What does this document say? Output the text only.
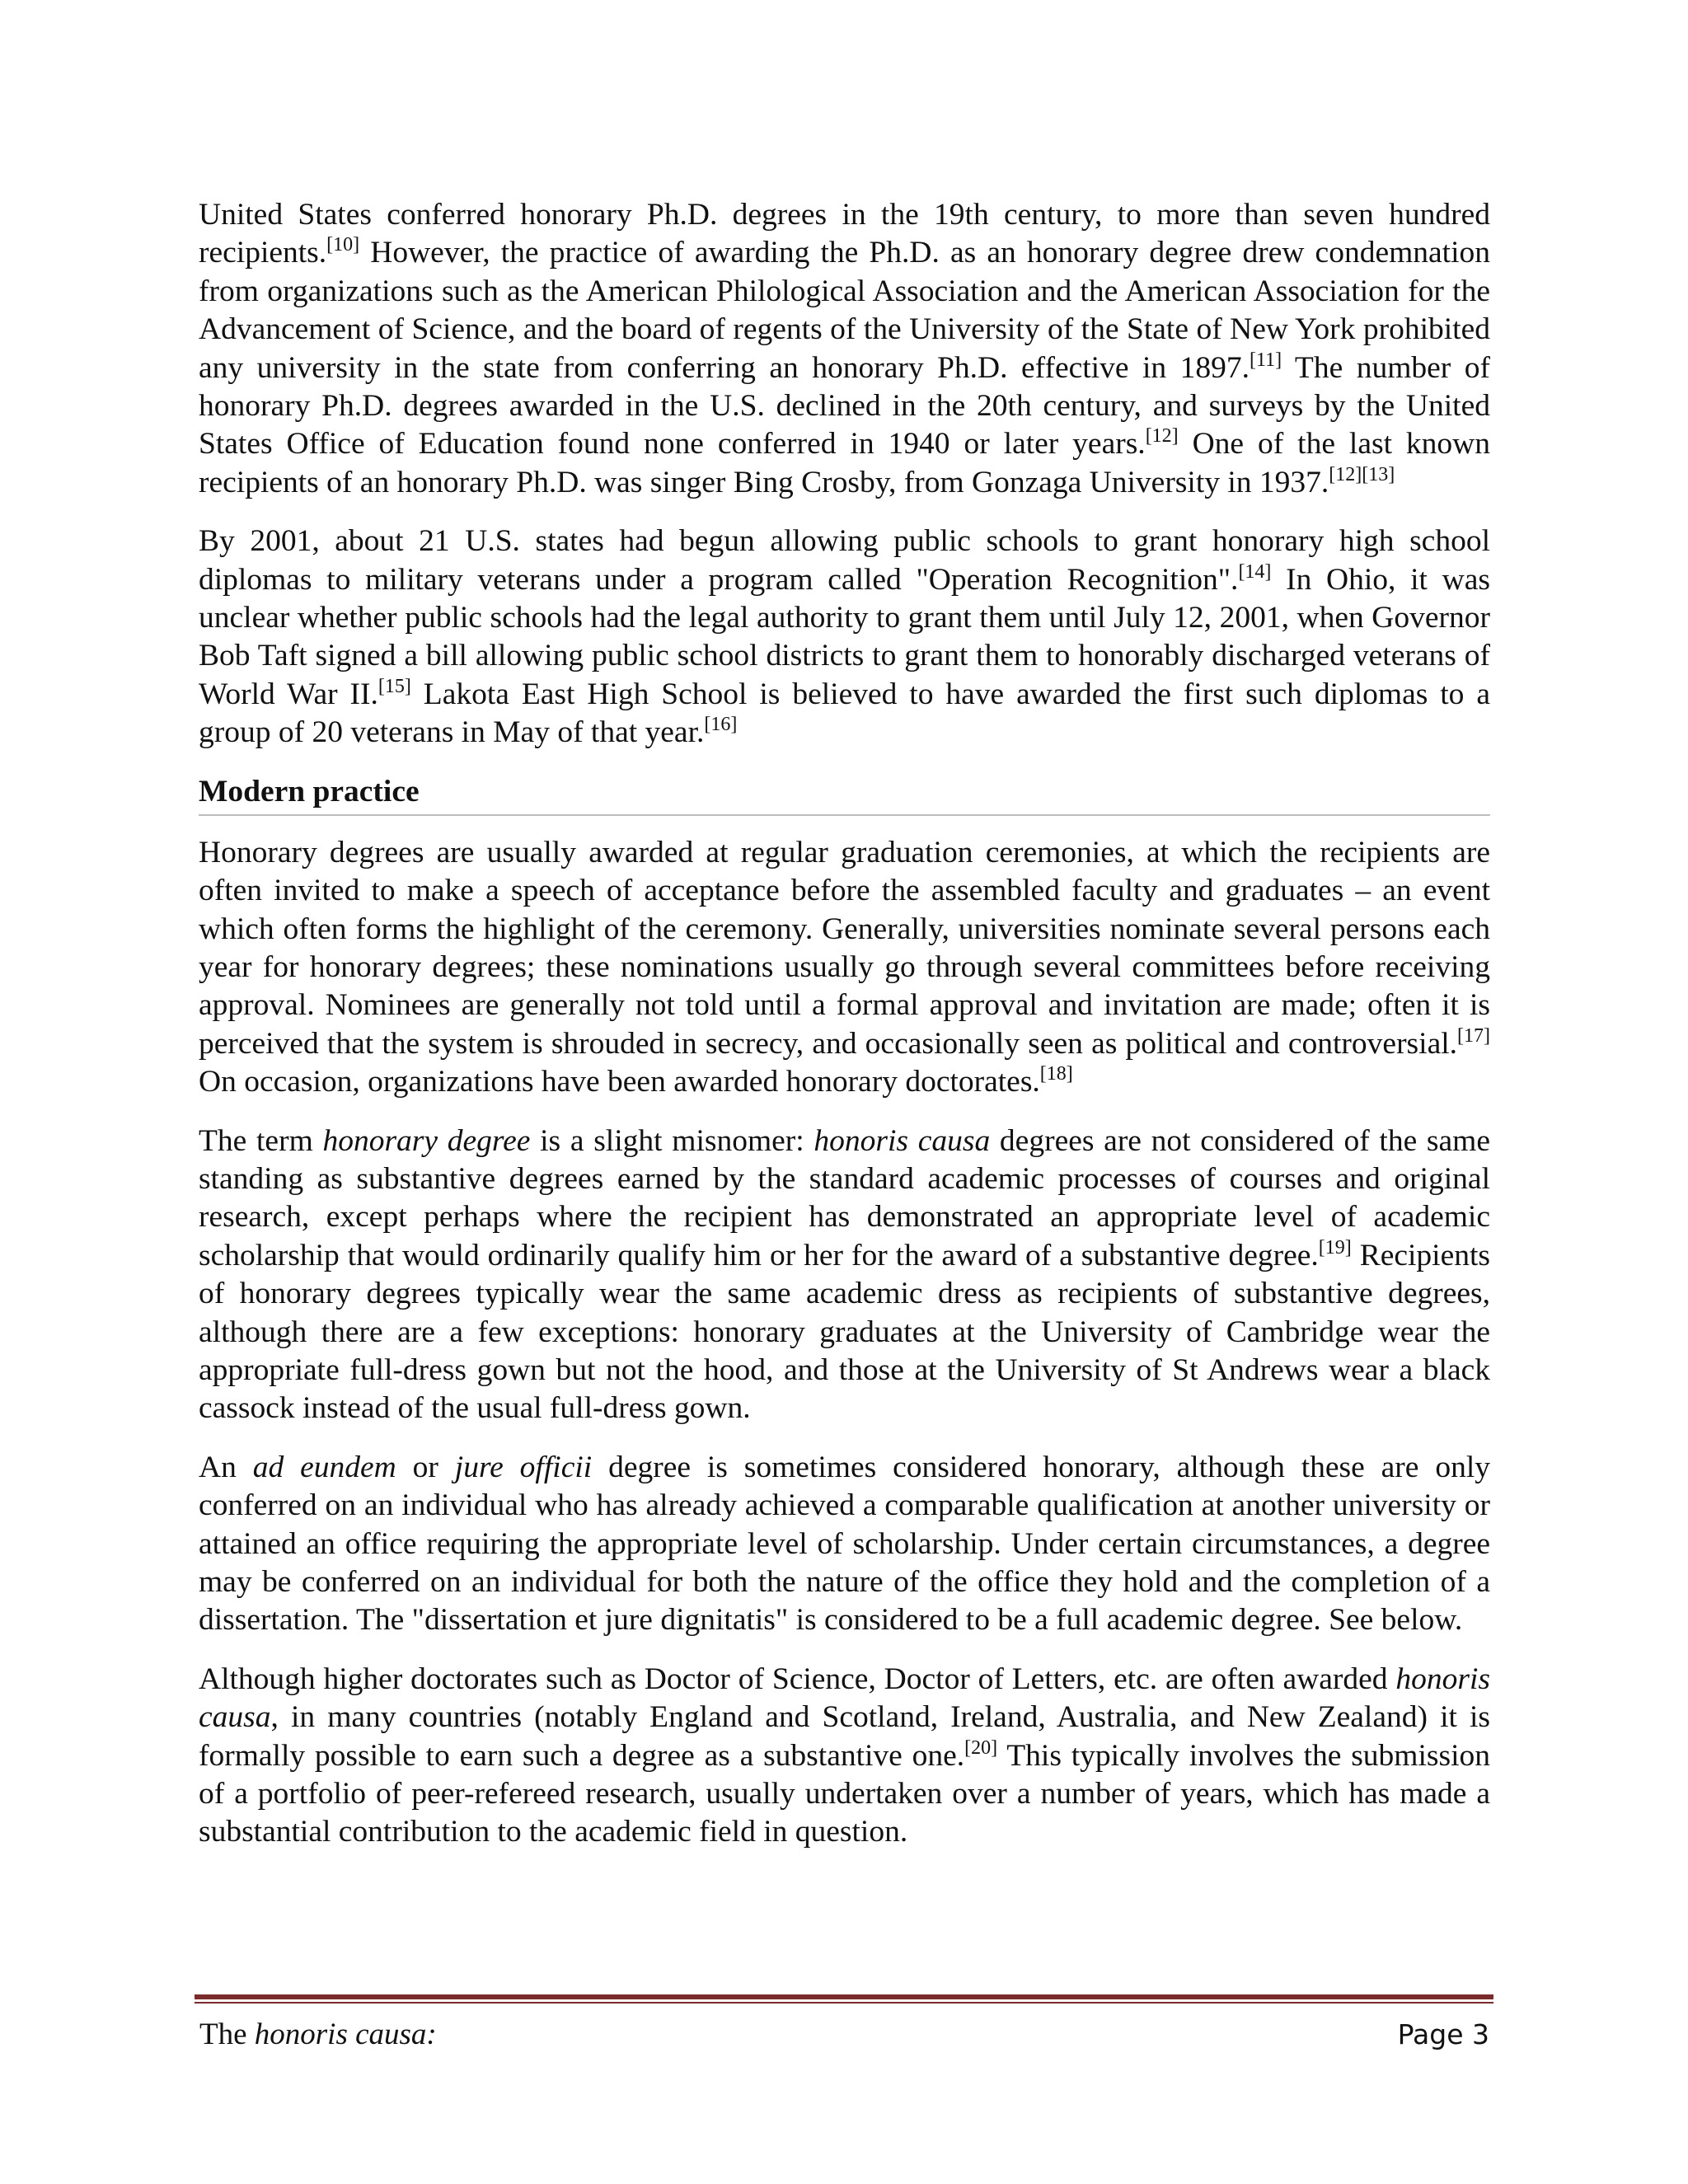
United States conferred honorary Ph.D. degrees in the 19th century, to more than seven hundred recipients.[10] However, the practice of awarding the Ph.D. as an honorary degree drew condemnation from organizations such as the American Philological Association and the American Association for the Advancement of Science, and the board of regents of the University of the State of New York prohibited any university in the state from conferring an honorary Ph.D. effective in 1897.[11] The number of honorary Ph.D. degrees awarded in the U.S. declined in the 20th century, and surveys by the United States Office of Education found none conferred in 1940 or later years.[12] One of the last known recipients of an honorary Ph.D. was singer Bing Crosby, from Gonzaga University in 1937.[12][13]

By 2001, about 21 U.S. states had begun allowing public schools to grant honorary high school diplomas to military veterans under a program called "Operation Recognition".[14] In Ohio, it was unclear whether public schools had the legal authority to grant them until July 12, 2001, when Governor Bob Taft signed a bill allowing public school districts to grant them to honorably discharged veterans of World War II.[15] Lakota East High School is believed to have awarded the first such diplomas to a group of 20 veterans in May of that year.[16]

Modern practice

Honorary degrees are usually awarded at regular graduation ceremonies, at which the recipients are often invited to make a speech of acceptance before the assembled faculty and graduates – an event which often forms the highlight of the ceremony. Generally, universities nominate several persons each year for honorary degrees; these nominations usually go through several committees before receiving approval. Nominees are generally not told until a formal approval and invitation are made; often it is perceived that the system is shrouded in secrecy, and occasionally seen as political and controversial.[17] On occasion, organizations have been awarded honorary doctorates.[18]

The term honorary degree is a slight misnomer: honoris causa degrees are not considered of the same standing as substantive degrees earned by the standard academic processes of courses and original research, except perhaps where the recipient has demonstrated an appropriate level of academic scholarship that would ordinarily qualify him or her for the award of a substantive degree.[19] Recipients of honorary degrees typically wear the same academic dress as recipients of substantive degrees, although there are a few exceptions: honorary graduates at the University of Cambridge wear the appropriate full-dress gown but not the hood, and those at the University of St Andrews wear a black cassock instead of the usual full-dress gown.

An ad eundem or jure officii degree is sometimes considered honorary, although these are only conferred on an individual who has already achieved a comparable qualification at another university or attained an office requiring the appropriate level of scholarship. Under certain circumstances, a degree may be conferred on an individual for both the nature of the office they hold and the completion of a dissertation. The "dissertation et jure dignitatis" is considered to be a full academic degree. See below.

Although higher doctorates such as Doctor of Science, Doctor of Letters, etc. are often awarded honoris causa, in many countries (notably England and Scotland, Ireland, Australia, and New Zealand) it is formally possible to earn such a degree as a substantive one.[20] This typically involves the submission of a portfolio of peer-refereed research, usually undertaken over a number of years, which has made a substantial contribution to the academic field in question.

The honoris causa:	Page 3
